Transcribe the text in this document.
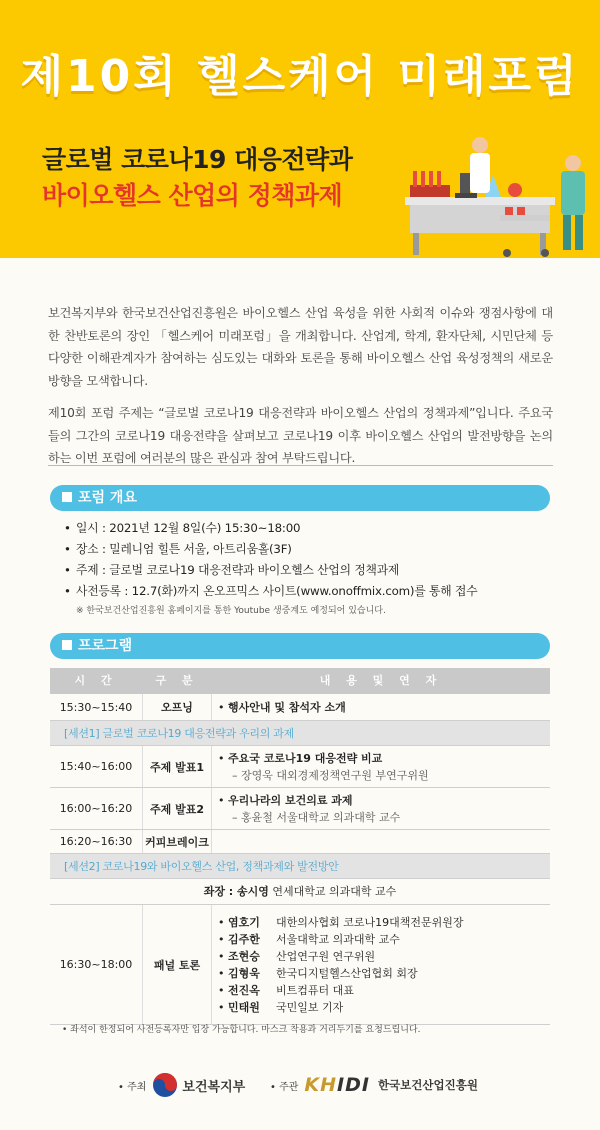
제10회 헬스케어 미래포럼
글로벌 코로나19 대응전략과
바이오헬스 산업의 정책과제

보건복지부와 한국보건산업진흥원은 바이오헬스 산업 육성을 위한 사회적 이슈와 쟁점사항에 대한 찬반토론의 장인 「헬스케어 미래포럼」을 개최합니다. 산업계, 학계, 환자단체, 시민단체 등 다양한 이해관계자가 참여하는 심도있는 대화와 토론을 통해 바이오헬스 산업 육성정책의 새로운 방향을 모색합니다.

제10회 포럼 주제는 “글로벌 코로나19 대응전략과 바이오헬스 산업의 정책과제”입니다. 주요국들의 그간의 코로나19 대응전략을 살펴보고 코로나19 이후 바이오헬스 산업의 발전방향을 논의하는 이번 포럼에 여러분의 많은 관심과 참여 부탁드립니다.

포럼 개요
• 일시 : 2021년 12월 8일(수) 15:30~18:00
• 장소 : 밀레니엄 힐튼 서울, 아트리움홀(3F)
• 주제 : 글로벌 코로나19 대응전략과 바이오헬스 산업의 정책과제
• 사전등록 : 12.7(화)까지 온오프믹스 사이트(www.onoffmix.com)를 통해 접수
※ 한국보건산업진흥원 홈페이지를 통한 Youtube 생중계도 예정되어 있습니다.
프로그램
시 간	구 분	내 용 및 연 자
15:30~15:40	오프닝	• 행사안내 및 참석자 소개
[세션1] 글로벌 코로나19 대응전략과 우리의 과제
15:40~16:00	주제 발표1
• 주요국 코로나19 대응전략 비교
– 장영욱 대외경제정책연구원 부연구위원
16:00~16:20	주제 발표2
• 우리나라의 보건의료 과제
– 홍윤철 서울대학교 의과대학 교수
16:20~16:30	커피브레이크
[세션2] 코로나19와 바이오헬스 산업, 정책과제와 발전방안
좌장 : 송시영 연세대학교 의과대학 교수
16:30~18:00	패널 토론
• 염호기 대한의사협회 코로나19대책전문위원장
• 김주한 서울대학교 의과대학 교수
• 조현승 산업연구원 연구위원
• 김형욱 한국디지털헬스산업협회 회장
• 전진옥 비트컴퓨터 대표
• 민태원 국민일보 기자
• 좌석이 한정되어 사전등록자만 입장 가능합니다. 마스크 착용과 거리두기를 요청드립니다.
• 주최	보건복지부 • 주관 KHIDI 한국보건산업진흥원
